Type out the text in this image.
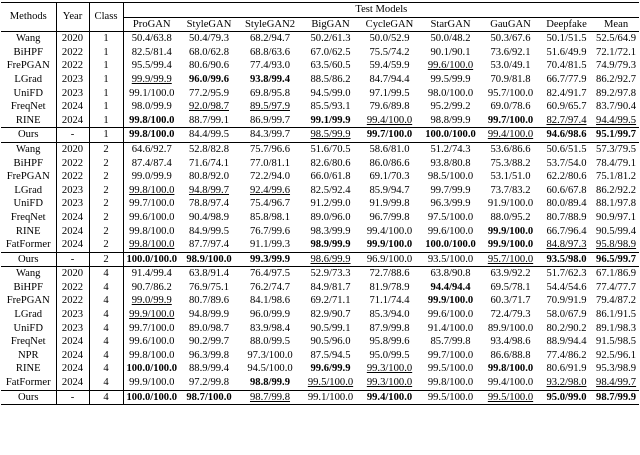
Methods	Year	Class	Test Models								
			ProGAN	StyleGAN	StyleGAN2	BigGAN	CycleGAN	StarGAN	GauGAN	Deepfake	Mean
Wang	2020	1	50.4/63.8	50.4/79.3	68.2/94.7	50.2/61.3	50.0/52.9	50.0/48.2	50.3/67.6	50.1/51.5	52.5/64.9
BiHPF	2022	1	82.5/81.4	68.0/62.8	68.8/63.6	67.0/62.5	75.5/74.2	90.1/90.1	73.6/92.1	51.6/49.9	72.1/72.1
FrePGAN	2022	1	95.5/99.4	80.6/90.6	77.4/93.0	63.5/60.5	59.4/59.9	99.6/100.0	53.0/49.1	70.4/81.5	74.9/79.3
LGrad	2023	1	99.9/99.9	96.0/99.6	93.8/99.4	88.5/86.2	84.7/94.4	99.5/99.9	70.9/81.8	66.7/77.9	86.2/92.7
UniFD	2023	1	99.1/100.0	77.2/95.9	69.8/95.8	94.5/99.0	97.1/99.5	98.0/100.0	95.7/100.0	82.4/91.7	89.2/97.8
FreqNet	2024	1	98.0/99.9	92.0/98.7	89.5/97.9	85.5/93.1	79.6/89.8	95.2/99.2	69.0/78.6	60.9/65.7	83.7/90.4
RINE	2024	1	99.8/100.0	88.7/99.1	86.9/99.7	99.1/99.9	99.4/100.0	98.8/99.9	99.7/100.0	82.7/97.4	94.4/99.5
Ours	-	1	99.8/100.0	84.4/99.5	84.3/99.7	98.5/99.9	99.7/100.0	100.0/100.0	99.4/100.0	94.6/98.6	95.1/99.7
Wang	2020	2	64.6/92.7	52.8/82.8	75.7/96.6	51.6/70.5	58.6/81.0	51.2/74.3	53.6/86.6	50.6/51.5	57.3/79.5
BiHPF	2022	2	87.4/87.4	71.6/74.1	77.0/81.1	82.6/80.6	86.0/86.6	93.8/80.8	75.3/88.2	53.7/54.0	78.4/79.1
FrePGAN	2022	2	99.0/99.9	80.8/92.0	72.2/94.0	66.0/61.8	69.1/70.3	98.5/100.0	53.1/51.0	62.2/80.6	75.1/81.2
LGrad	2023	2	99.8/100.0	94.8/99.7	92.4/99.6	82.5/92.4	85.9/94.7	99.7/99.9	73.7/83.2	60.6/67.8	86.2/92.2
UniFD	2023	2	99.7/100.0	78.8/97.4	75.4/96.7	91.2/99.0	91.9/99.8	96.3/99.9	91.9/100.0	80.0/89.4	88.1/97.8
FreqNet	2024	2	99.6/100.0	90.4/98.9	85.8/98.1	89.0/96.0	96.7/99.8	97.5/100.0	88.0/95.2	80.7/88.9	90.9/97.1
RINE	2024	2	99.8/100.0	84.9/99.5	76.7/99.6	98.3/99.9	99.4/100.0	99.6/100.0	99.9/100.0	66.7/96.4	90.5/99.4
FatFormer	2024	2	99.8/100.0	87.7/97.4	91.1/99.3	98.9/99.9	99.9/100.0	100.0/100.0	99.9/100.0	84.8/97.3	95.8/98.9
Ours	-	2	100.0/100.0	98.9/100.0	99.3/99.9	98.6/99.9	96.9/100.0	93.5/100.0	95.7/100.0	93.5/98.0	96.5/99.7
Wang	2020	4	91.4/99.4	63.8/91.4	76.4/97.5	52.9/73.3	72.7/88.6	63.8/90.8	63.9/92.2	51.7/62.3	67.1/86.9
BiHPF	2022	4	90.7/86.2	76.9/75.1	76.2/74.7	84.9/81.7	81.9/78.9	94.4/94.4	69.5/78.1	54.4/54.6	77.4/77.7
FrePGAN	2022	4	99.0/99.9	80.7/89.6	84.1/98.6	69.2/71.1	71.1/74.4	99.9/100.0	60.3/71.7	70.9/91.9	79.4/87.2
LGrad	2023	4	99.9/100.0	94.8/99.9	96.0/99.9	82.9/90.7	85.3/94.0	99.6/100.0	72.4/79.3	58.0/67.9	86.1/91.5
UniFD	2023	4	99.7/100.0	89.0/98.7	83.9/98.4	90.5/99.1	87.9/99.8	91.4/100.0	89.9/100.0	80.2/90.2	89.1/98.3
FreqNet	2024	4	99.6/100.0	90.2/99.7	88.0/99.5	90.5/96.0	95.8/99.6	85.7/99.8	93.4/98.6	88.9/94.4	91.5/98.5
NPR	2024	4	99.8/100.0	96.3/99.8	97.3/100.0	87.5/94.5	95.0/99.5	99.7/100.0	86.6/88.8	77.4/86.2	92.5/96.1
RINE	2024	4	100.0/100.0	88.9/99.4	94.5/100.0	99.6/99.9	99.3/100.0	99.5/100.0	99.8/100.0	80.6/91.9	95.3/98.9
FatFormer	2024	4	99.9/100.0	97.2/99.8	98.8/99.9	99.5/100.0	99.3/100.0	99.8/100.0	99.4/100.0	93.2/98.0	98.4/99.7
Ours	-	4	100.0/100.0	98.7/100.0	98.7/99.8	99.1/100.0	99.4/100.0	99.5/100.0	99.5/100.0	95.0/99.0	98.7/99.9
